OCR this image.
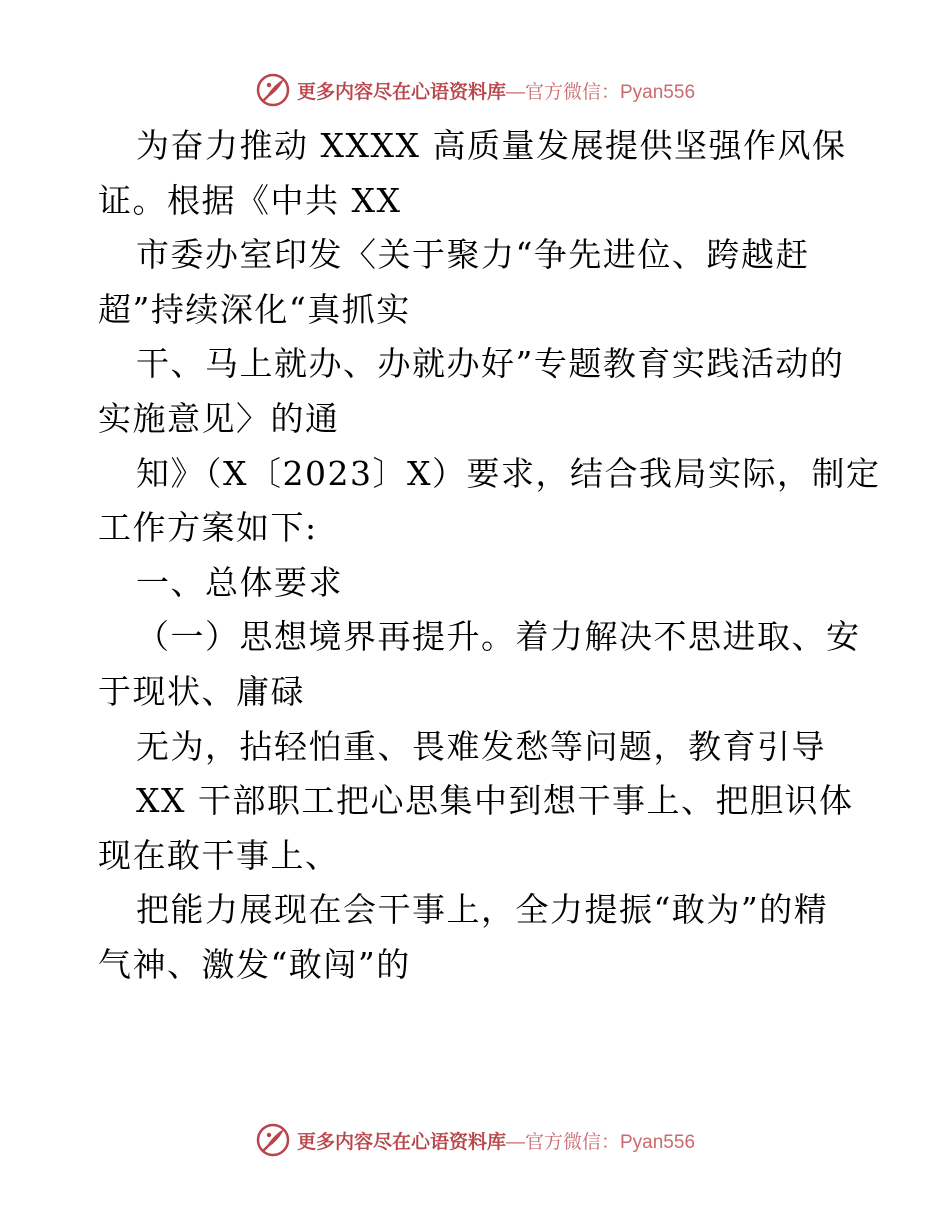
更多内容尽在心语资料库—官方微信：Pyan556
为奋力推动 XXXX 高质量发展提供坚强作风保
证。根据《中共 XX
市委办室印发〈关于聚力“争先进位、跨越赶
超”持续深化“真抓实
干、马上就办、办就办好”专题教育实践活动的
实施意见〉的通
知》（X〔2023〕X）要求，结合我局实际，制定
工作方案如下:
一、总体要求
（一）思想境界再提升。着力解决不思进取、安
于现状、庸碌
无为，拈轻怕重、畏难发愁等问题，教育引导
XX 干部职工把心思集中到想干事上、把胆识体
现在敢干事上、
把能力展现在会干事上，全力提振“敢为”的精
气神、激发“敢闯”的
更多内容尽在心语资料库—官方微信：Pyan556
